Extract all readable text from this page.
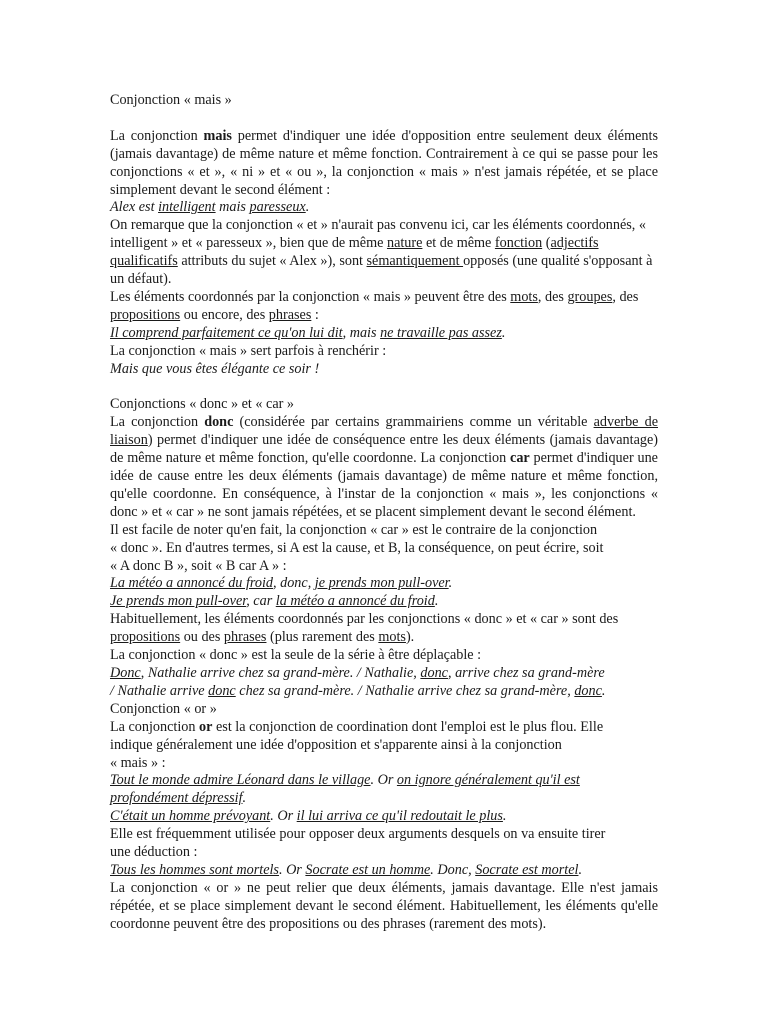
Conjonction « mais »

La conjonction mais permet d'indiquer une idée d'opposition entre seulement deux éléments (jamais davantage) de même nature et même fonction. Contrairement à ce qui se passe pour les conjonctions « et », « ni » et « ou », la conjonction « mais » n'est jamais répétée, et se place simplement devant le second élément :

Alex est intelligent mais paresseux.

On remarque que la conjonction « et » n'aurait pas convenu ici, car les éléments coordonnés, « intelligent » et « paresseux », bien que de même nature et de même fonction (adjectifs qualificatifs attributs du sujet « Alex »), sont sémantiquement opposés (une qualité s'opposant à un défaut).

Les éléments coordonnés par la conjonction « mais » peuvent être des mots, des groupes, des propositions ou encore, des phrases :

Il comprend parfaitement ce qu'on lui dit, mais ne travaille pas assez.

La conjonction « mais » sert parfois à renchérir :

Mais que vous êtes élégante ce soir !

Conjonctions « donc » et « car »

La conjonction donc (considérée par certains grammairiens comme un véritable adverbe de liaison) permet d'indiquer une idée de conséquence entre les deux éléments (jamais davantage) de même nature et même fonction, qu'elle coordonne. La conjonction car permet d'indiquer une idée de cause entre les deux éléments (jamais davantage) de même nature et même fonction, qu'elle coordonne. En conséquence, à l'instar de la conjonction « mais », les conjonctions « donc » et « car » ne sont jamais répétées, et se placent simplement devant le second élément.

Il est facile de noter qu'en fait, la conjonction « car » est le contraire de la conjonction
« donc ». En d'autres termes, si A est la cause, et B, la conséquence, on peut écrire, soit
« A donc B », soit « B car A » :

La météo a annoncé du froid, donc, je prends mon pull-over.

Je prends mon pull-over, car la météo a annoncé du froid.

Habituellement, les éléments coordonnés par les conjonctions « donc » et « car » sont des propositions ou des phrases (plus rarement des mots).

La conjonction « donc » est la seule de la série à être déplaçable :

Donc, Nathalie arrive chez sa grand-mère. / Nathalie, donc, arrive chez sa grand-mère
/ Nathalie arrive donc chez sa grand-mère. / Nathalie arrive chez sa grand-mère, donc.

Conjonction « or »

La conjonction or est la conjonction de coordination dont l'emploi est le plus flou. Elle
indique généralement une idée d'opposition et s'apparente ainsi à la conjonction
« mais » :

Tout le monde admire Léonard dans le village. Or on ignore généralement qu'il est
profondément dépressif.

C'était un homme prévoyant. Or il lui arriva ce qu'il redoutait le plus.

Elle est fréquemment utilisée pour opposer deux arguments desquels on va ensuite tirer
une déduction :

Tous les hommes sont mortels. Or Socrate est un homme. Donc, Socrate est mortel.

La conjonction « or » ne peut relier que deux éléments, jamais davantage. Elle n'est jamais répétée, et se place simplement devant le second élément. Habituellement, les éléments qu'elle coordonne peuvent être des propositions ou des phrases (rarement des mots).
